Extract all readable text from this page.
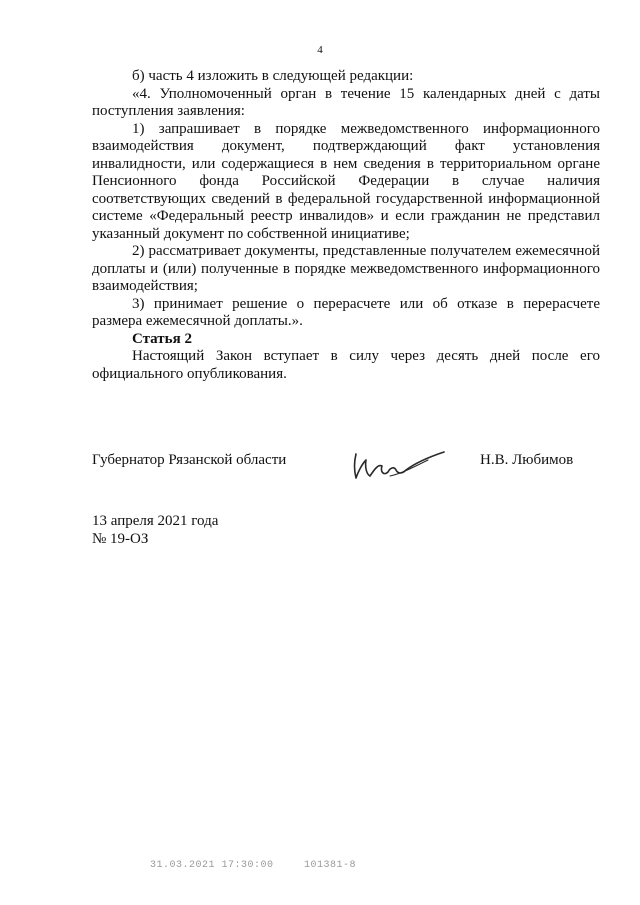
4

б) часть 4 изложить в следующей редакции:

«4. Уполномоченный орган в течение 15 календарных дней с даты поступления заявления:

1) запрашивает в порядке межведомственного информационного взаимодействия документ, подтверждающий факт установления инвалидности, или содержащиеся в нем сведения в территориальном органе Пенсионного фонда Российской Федерации в случае наличия соответствующих сведений в федеральной государственной информационной системе «Федеральный реестр инвалидов» и если гражданин не представил указанный документ по собственной инициативе;

2) рассматривает документы, представленные получателем ежемесячной доплаты и (или) полученные в порядке межведомственного информационного взаимодействия;

3) принимает решение о перерасчете или об отказе в перерасчете размера ежемесячной доплаты.».

Статья 2

Настоящий Закон вступает в силу через десять дней после его официального опубликования.

Губернатор Рязанской области	Н.В. Любимов
13 апреля 2021 года
№ 19-ОЗ
31.03.2021 17:30:00	101381-8
